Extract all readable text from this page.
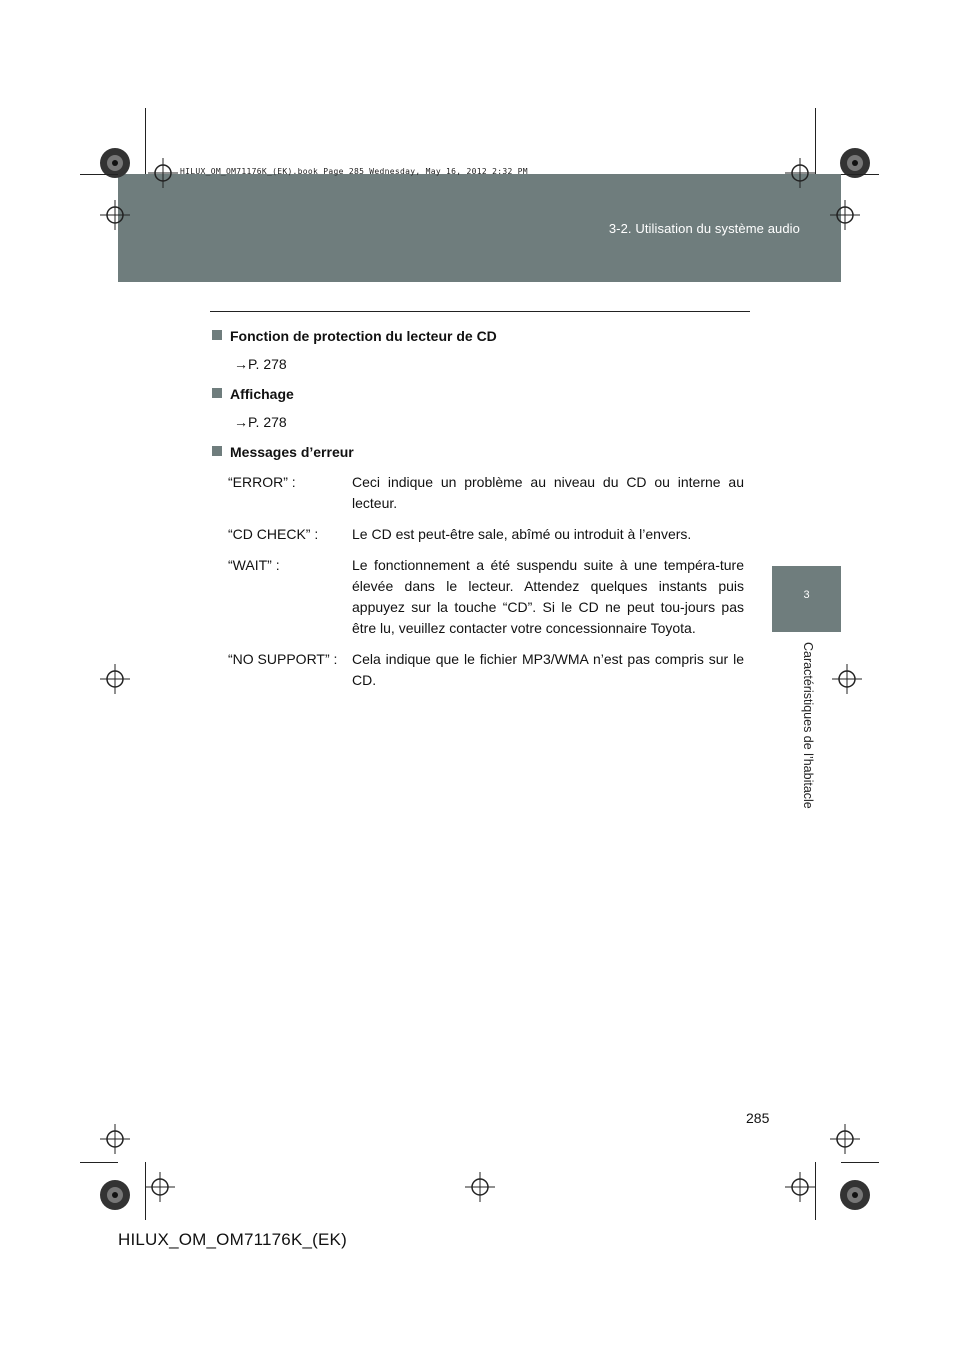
3-2. Utilisation du système audio
HILUX_OM_OM71176K_(EK).book Page 285 Wednesday, May 16, 2012 2:32 PM
3
Caractéristiques de l’habitacle
Fonction de protection du lecteur de CD
→P. 278
Affichage
→P. 278
Messages d’erreur
“ERROR” :	Ceci indique un problème au niveau du CD ou interne au lecteur.
“CD CHECK” :	Le CD est peut-être sale, abîmé ou introduit à l’envers.
“WAIT” :	Le fonctionnement a été suspendu suite à une tempéra-ture élevée dans le lecteur. Attendez quelques instants puis appuyez sur la touche “CD”. Si le CD ne peut tou-jours pas être lu, veuillez contacter votre concessionnaire Toyota.
“NO SUPPORT” :	Cela indique que le fichier MP3/WMA n’est pas compris sur le CD.
285
HILUX_OM_OM71176K_(EK)
